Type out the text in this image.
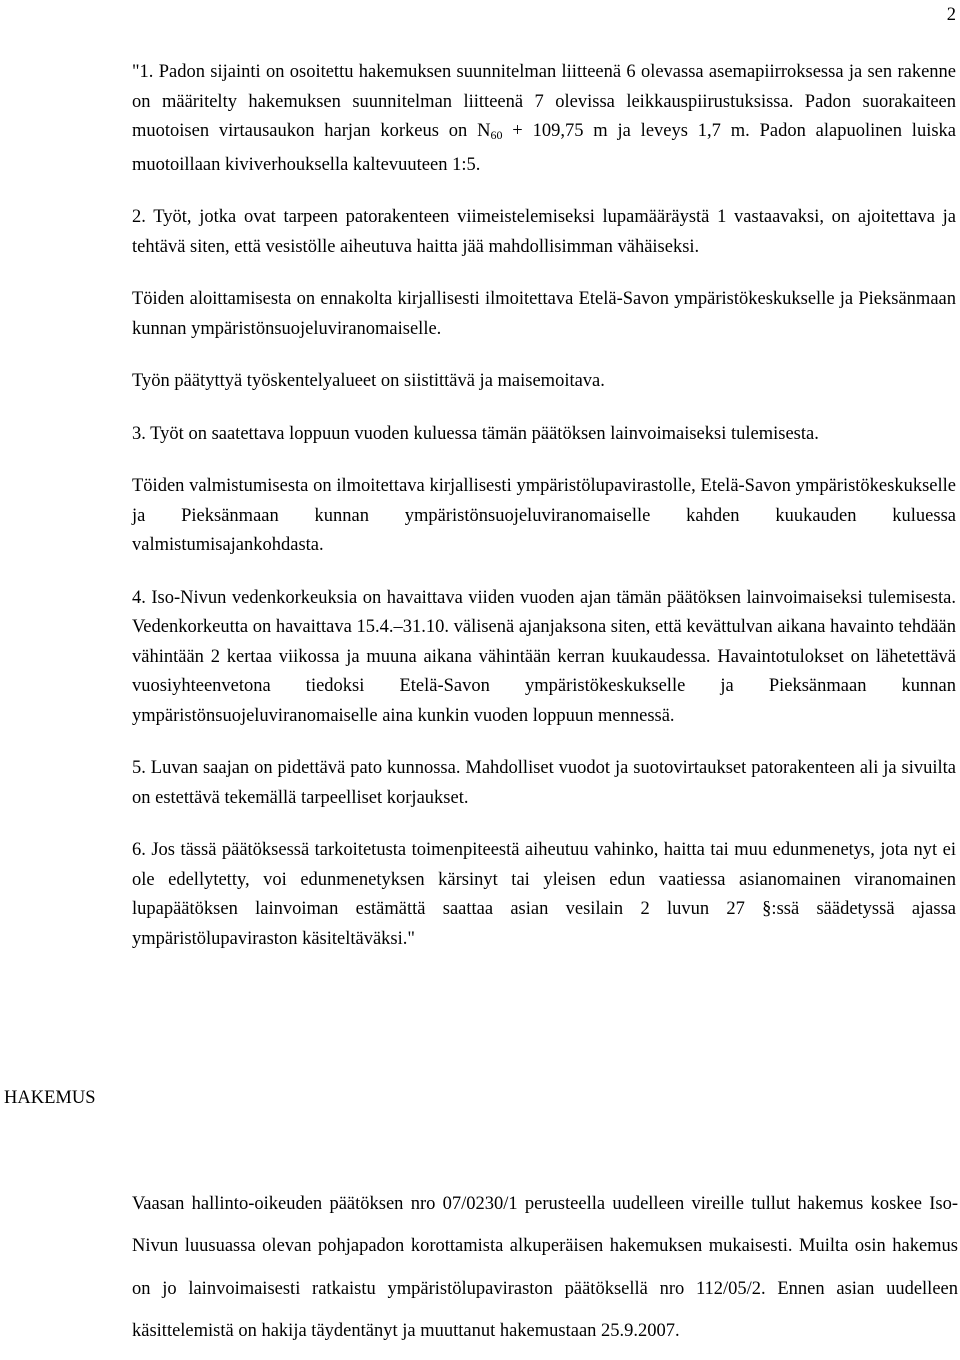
2

"1. Padon sijainti on osoitettu hakemuksen suunnitelman liitteenä 6 olevassa asemapiirroksessa ja sen rakenne on määritelty hakemuksen suunnitelman liitteenä 7 olevissa leikkauspiirustuksissa. Padon suorakaiteen muotoisen virtausaukon harjan korkeus on $N_{60} + 109,75$ m ja leveys 1,7 m. Padon alapuolinen luiska muotoillaan kiviverhouksella kaltevuuteen 1:5.

2. Työt, jotka ovat tarpeen patorakenteen viimeistelemiseksi lupamääräystä 1 vastaavaksi, on ajoitettava ja tehtävä siten, että vesistölle aiheutuva haitta jää mahdollisimman vähäiseksi.

Töiden aloittamisesta on ennakolta kirjallisesti ilmoitettava Etelä-Savon ympäristökeskukselle ja Pieksänmaan kunnan ympäristönsuojeluviranomaiselle.

Työn päätyttyä työskentelyalueet on siistittävä ja maisemoitava.

3. Työt on saatettava loppuun vuoden kuluessa tämän päätöksen lainvoimaiseksi tulemisesta.

Töiden valmistumisesta on ilmoitettava kirjallisesti ympäristölupavirastolle, Etelä-Savon ympäristökeskukselle ja Pieksänmaan kunnan ympäristönsuojeluviranomaiselle kahden kuukauden kuluessa valmistumisajankohdasta.

4. Iso-Nivun vedenkorkeuksia on havaittava viiden vuoden ajan tämän päätöksen lainvoimaiseksi tulemisesta. Vedenkorkeutta on havaittava 15.4.–31.10. välisenä ajanjaksona siten, että kevättulvan aikana havainto tehdään vähintään 2 kertaa viikossa ja muuna aikana vähintään kerran kuukaudessa. Havaintotulokset on lähetettävä vuosiyhteenvetona tiedoksi Etelä-Savon ympäristökeskukselle ja Pieksänmaan kunnan ympäristönsuojeluviranomaiselle aina kunkin vuoden loppuun mennessä.

5. Luvan saajan on pidettävä pato kunnossa. Mahdolliset vuodot ja suotovirtaukset patorakenteen ali ja sivuilta on estettävä tekemällä tarpeelliset korjaukset.

6. Jos tässä päätöksessä tarkoitetusta toimenpiteestä aiheutuu vahinko, haitta tai muu edunmenetys, jota nyt ei ole edellytetty, voi edunmenetyksen kärsinyt tai yleisen edun vaatiessa asianomainen viranomainen lupapäätöksen lainvoiman estämättä saattaa asian vesilain 2 luvun 27 §:ssä säädetyssä ajassa ympäristölupaviraston käsiteltäväksi."

HAKEMUS

Vaasan hallinto-oikeuden päätöksen nro 07/0230/1 perusteella uudelleen vireille tullut hakemus koskee Iso-Nivun luusuassa olevan pohjapadon korottamista alkuperäisen hakemuksen mukaisesti. Muilta osin hakemus on jo lainvoimaisesti ratkaistu ympäristölupaviraston päätöksellä nro 112/05/2. Ennen asian uudelleen käsittelemistä on hakija täydentänyt ja muuttanut hakemustaan 25.9.2007.
